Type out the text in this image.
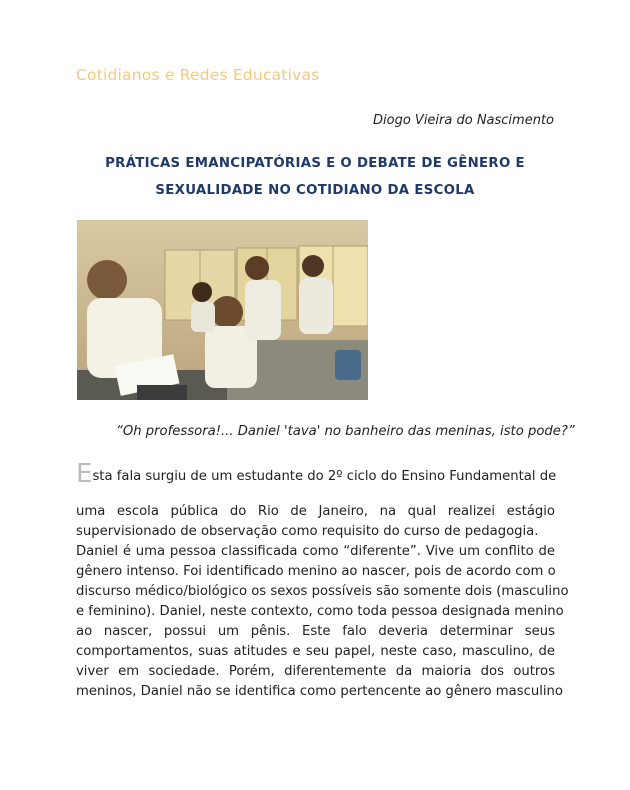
Cotidianos e Redes Educativas
Diogo Vieira do Nascimento
PRÁTICAS EMANCIPATÓRIAS E O DEBATE DE GÊNERO E
SEXUALIDADE NO COTIDIANO DA ESCOLA
“Oh professora!... Daniel 'tava' no banheiro das meninas, isto pode?”
Esta fala surgiu de um estudante do 2º ciclo do Ensino Fundamental de
uma escola pública do Rio de Janeiro, na qual realizei estágio
supervisionado de observação como requisito do curso de pedagogia.
Daniel é uma pessoa classificada como “diferente”. Vive um conflito de
gênero intenso. Foi identificado menino ao nascer, pois de acordo com o
discurso médico/biológico os sexos possíveis são somente dois (masculino
e feminino). Daniel, neste contexto, como toda pessoa designada menino
ao nascer, possui um pênis. Este falo deveria determinar seus
comportamentos, suas atitudes e seu papel, neste caso, masculino, de
viver em sociedade. Porém, diferentemente da maioria dos outros
meninos, Daniel não se identifica como pertencente ao gênero masculino
